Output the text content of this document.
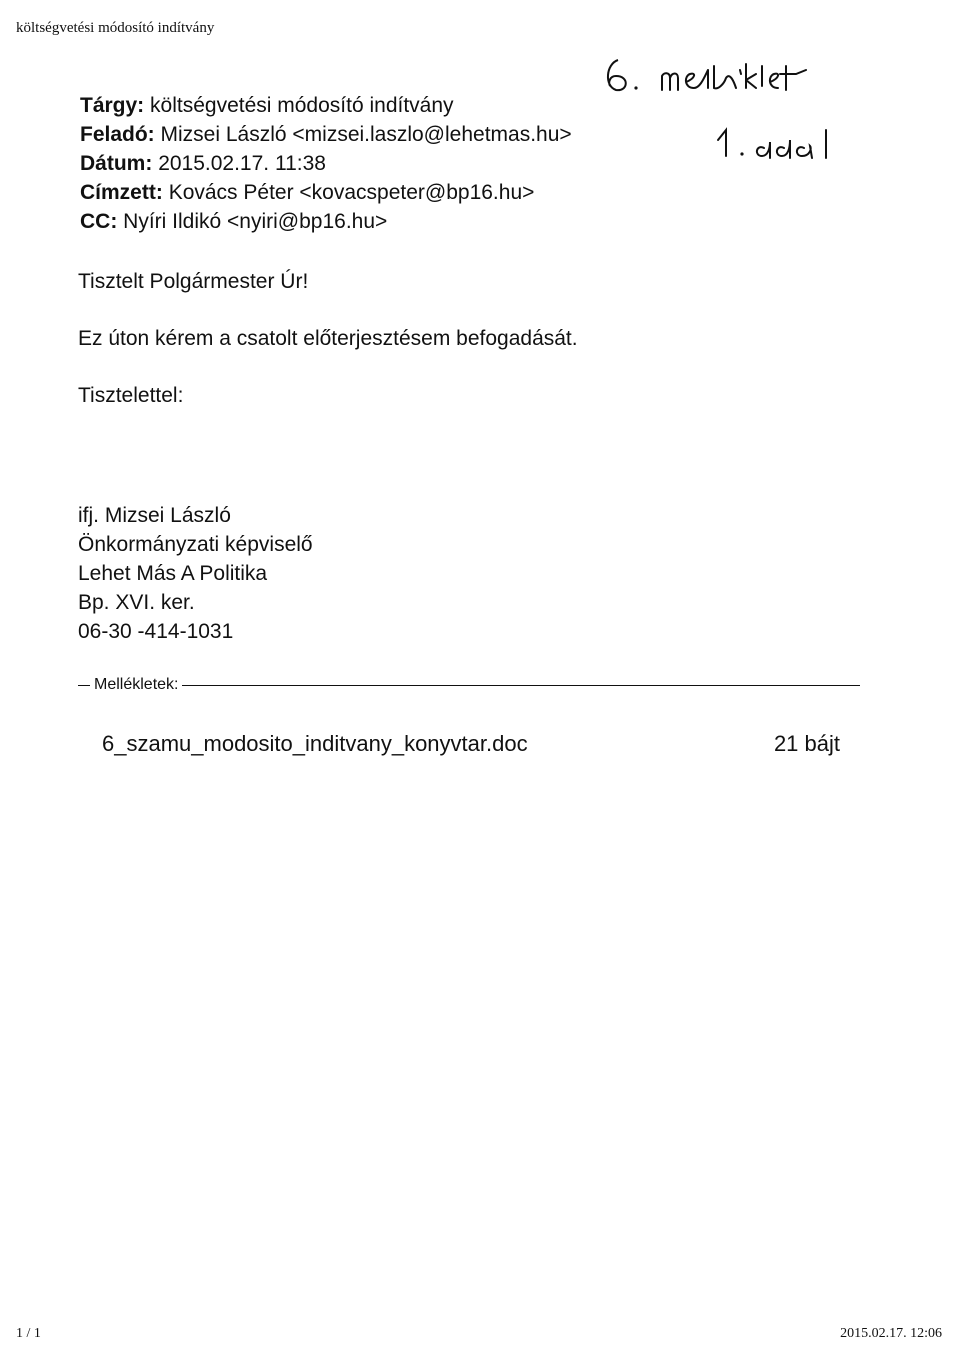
költségvetési módosító indítvány
Tárgy: költségvetési módosító indítvány
Feladó: Mizsei László <mizsei.laszlo@lehetmas.hu>
Dátum: 2015.02.17. 11:38
Címzett: Kovács Péter <kovacspeter@bp16.hu>
CC: Nyíri Ildikó <nyiri@bp16.hu>
Tisztelt Polgármester Úr!
Ez úton kérem a csatolt előterjesztésem befogadását.
Tisztelettel:
ifj. Mizsei László
Önkormányzati képviselő
Lehet Más A Politika
Bp. XVI. ker.
06-30 -414-1031
Mellékletek:
6_szamu_modosito_inditvany_konyvtar.doc	21 bájt
1 / 1	2015.02.17. 12:06
